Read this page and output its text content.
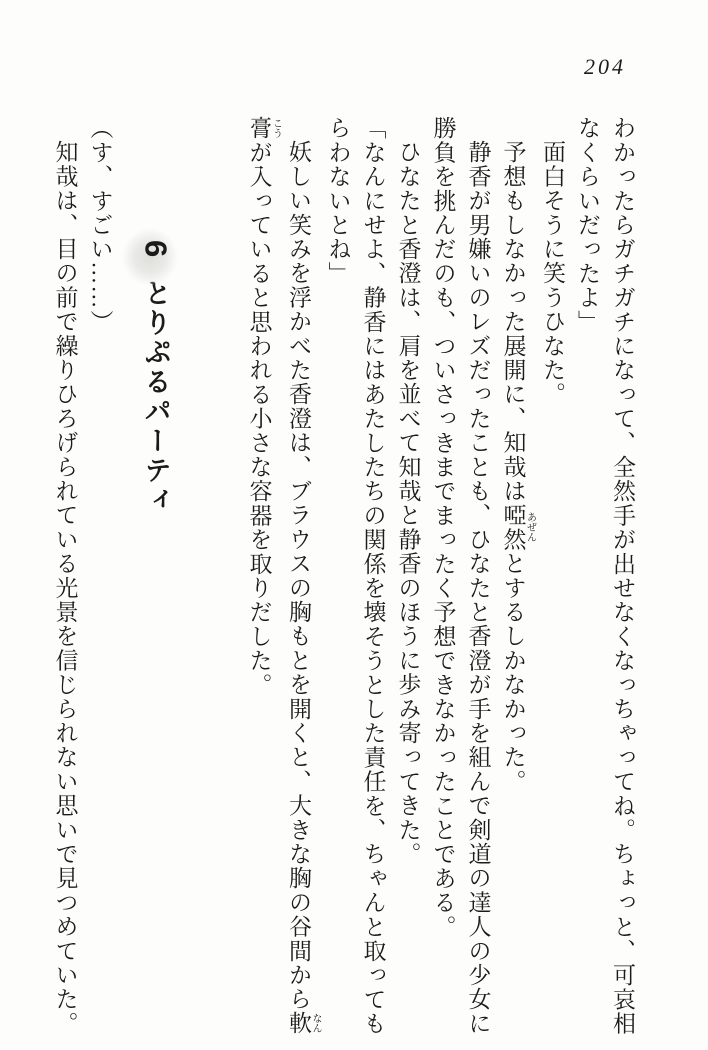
204

わかったらガチガチになって、全然手が出せなくなっちゃってね。ちょっと、可哀相

なくらいだったよ」

面白そうに笑うひなた。

予想もしなかった展開に、知哉は啞然 あぜんとするしかなかった。

静香が男嫌いのレズだったことも、ひなたと香澄が手を組んで剣道の達人の少女に

勝負を挑んだのも、ついさっきまでまったく予想できなかったことである。

ひなたと香澄は、肩を並べて知哉と静香のほうに歩み寄ってきた。

「なんにせよ、静香にはあたしたちの関係を壊そうとした責任を、ちゃんと取っても

らわないとね」

妖しい笑みを浮かべた香澄は、ブラウスの胸もとを開くと、大きな胸の谷間から軟 なん

膏 こうが入っていると思われる小さな容器を取りだした。

6 とりぷるパーティ

（す、すごい……）

知哉は、目の前で繰りひろげられている光景を信じられない思いで見つめていた。
